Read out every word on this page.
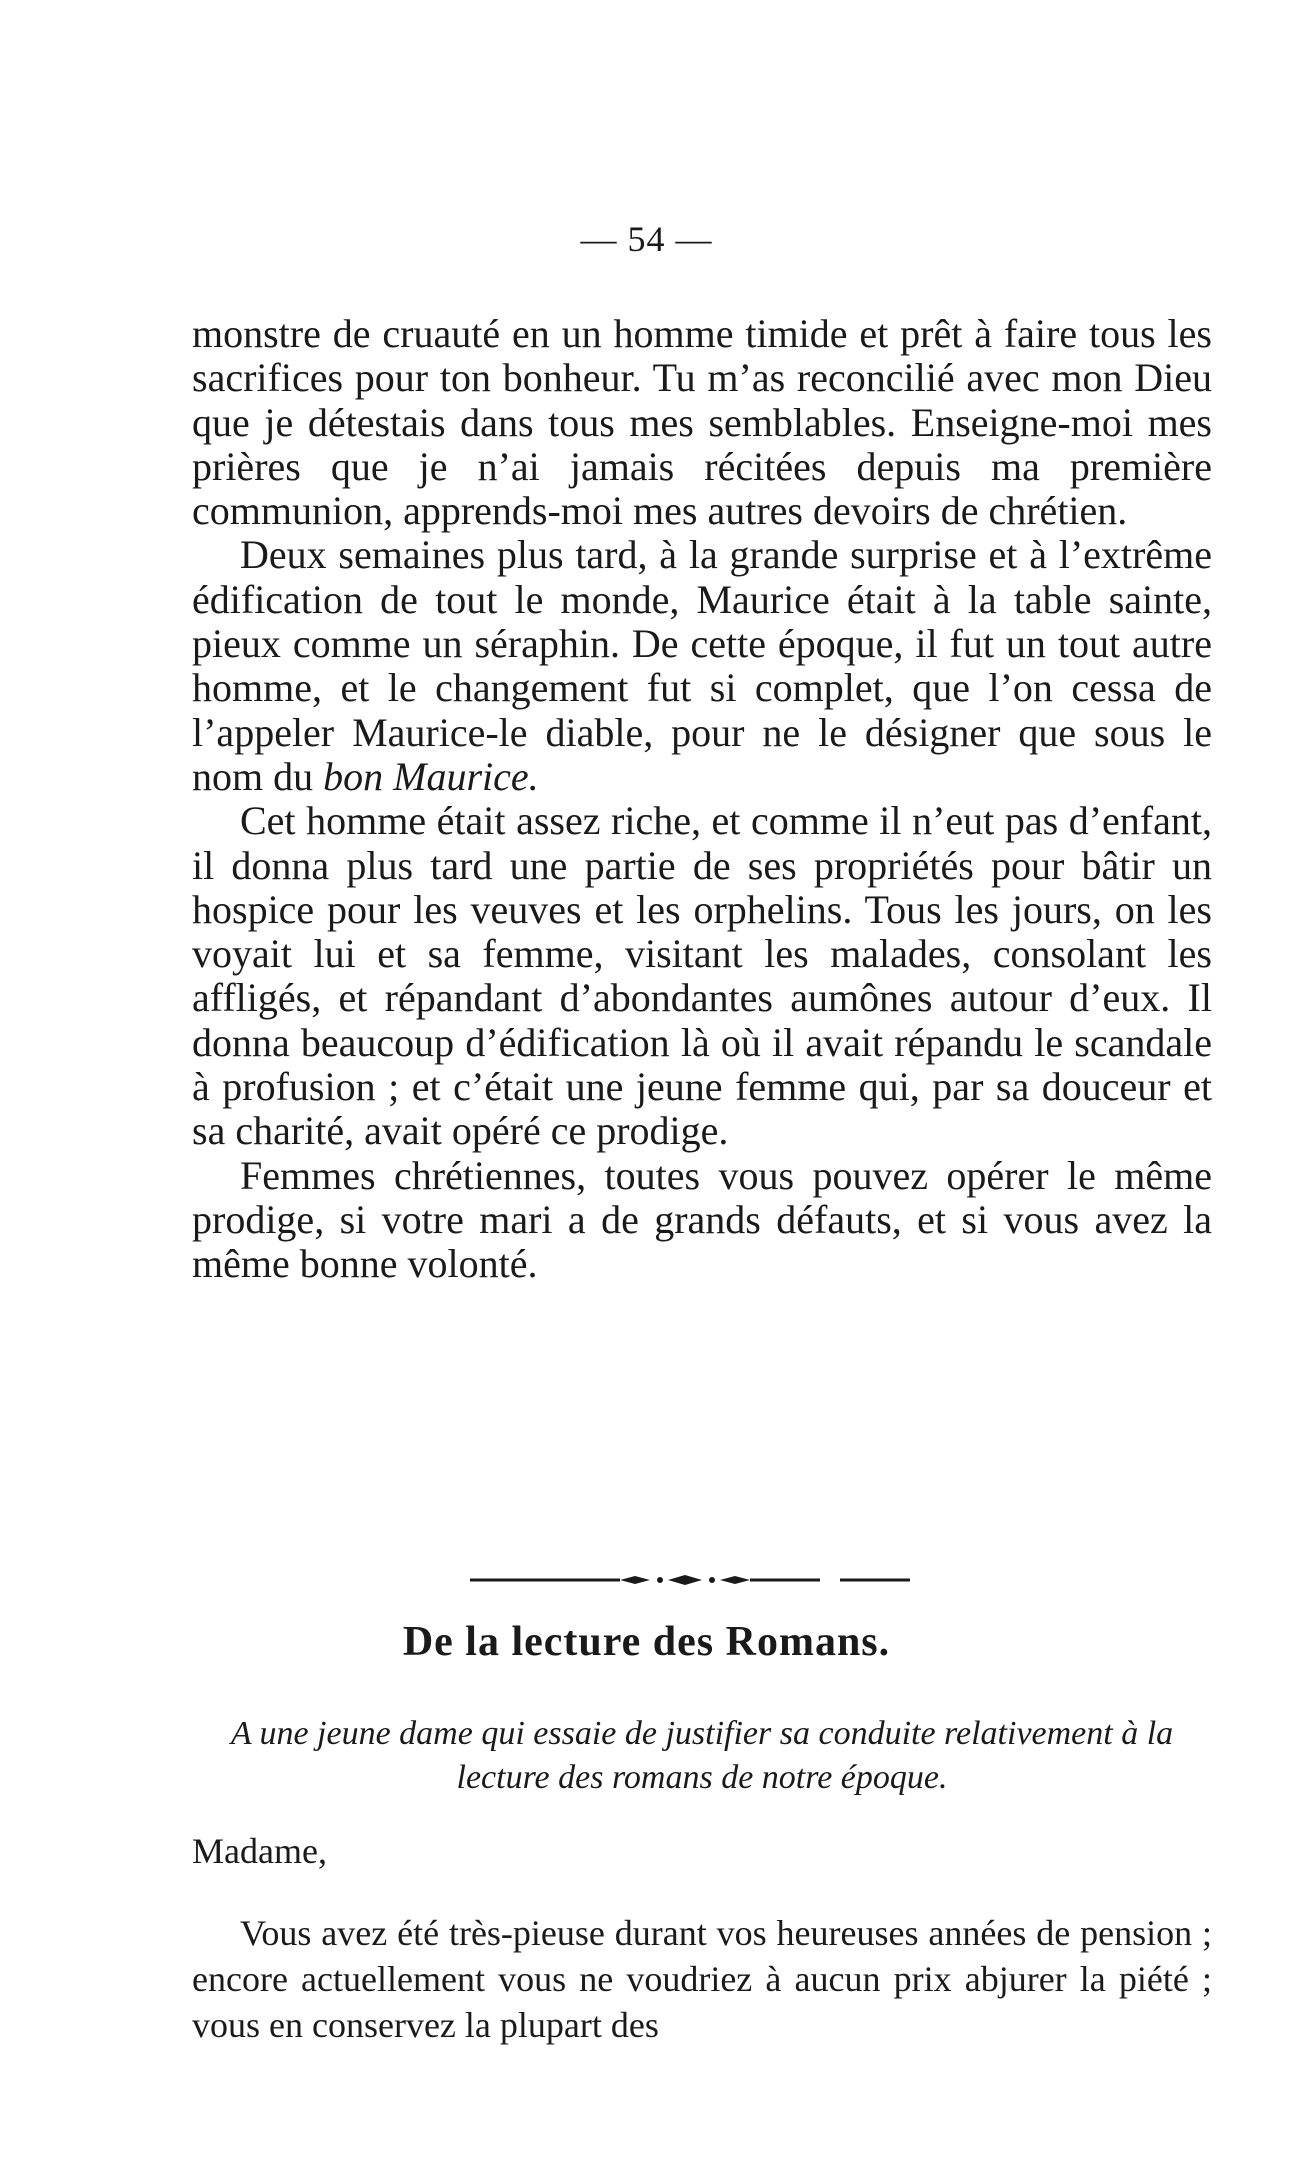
— 54 —

monstre de cruauté en un homme timide et prêt à faire tous les sacrifices pour ton bonheur. Tu m’as reconcilié avec mon Dieu que je détestais dans tous mes semblables. Enseigne-moi mes prières que je n’ai jamais récitées depuis ma première communion, apprends-moi mes autres devoirs de chrétien.

Deux semaines plus tard, à la grande surprise et à l’extrême édification de tout le monde, Maurice était à la table sainte, pieux comme un séraphin. De cette époque, il fut un tout autre homme, et le changement fut si complet, que l’on cessa de l’appeler Maurice-le diable, pour ne le désigner que sous le nom du bon Maurice.

Cet homme était assez riche, et comme il n’eut pas d’enfant, il donna plus tard une partie de ses propriétés pour bâtir un hospice pour les veuves et les orphelins. Tous les jours, on les voyait lui et sa femme, visitant les malades, consolant les affligés, et répandant d’abondantes aumônes autour d’eux. Il donna beaucoup d’édification là où il avait répandu le scandale à profusion ; et c’était une jeune femme qui, par sa douceur et sa charité, avait opéré ce prodige.

Femmes chrétiennes, toutes vous pouvez opérer le même prodige, si votre mari a de grands défauts, et si vous avez la même bonne volonté.

De la lecture des Romans.
A une jeune dame qui essaie de justifier sa conduite relativement à la lecture des romans de notre époque.
Madame,

Vous avez été très-pieuse durant vos heureuses années de pension ; encore actuellement vous ne voudriez à aucun prix abjurer la piété ; vous en conservez la plupart des
